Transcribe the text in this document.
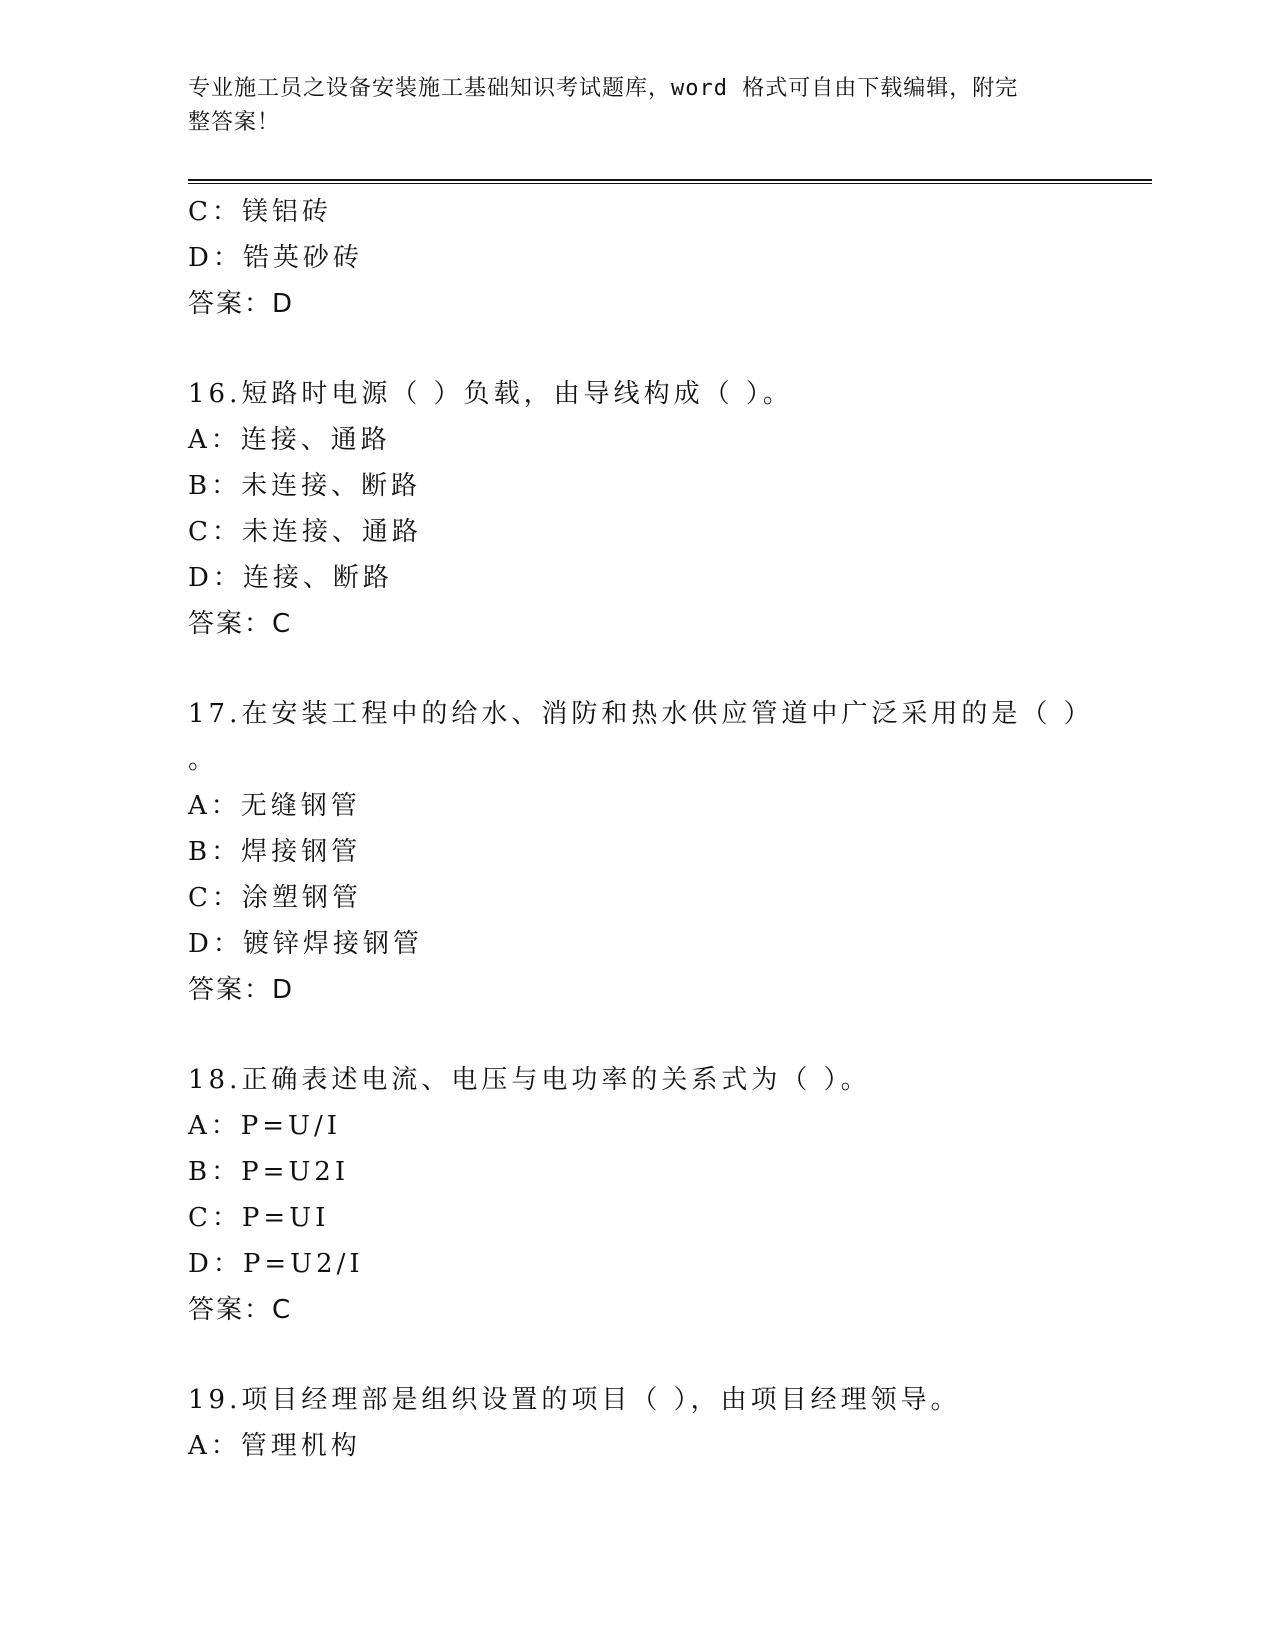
专业施工员之设备安装施工基础知识考试题库，word 格式可自由下载编辑，附完
整答案！
C：镁铝砖
D：锆英砂砖
答案：D
16.短路时电源（ ）负载，由导线构成（ ）。
A：连接、通路
B：未连接、断路
C：未连接、通路
D：连接、断路
答案：C
17.在安装工程中的给水、消防和热水供应管道中广泛采用的是（ ）
。
A：无缝钢管
B：焊接钢管
C：涂塑钢管
D：镀锌焊接钢管
答案：D
18.正确表述电流、电压与电功率的关系式为（ ）。
A：P=U/I
B：P=U2I
C：P=UI
D：P=U2/I
答案：C
19.项目经理部是组织设置的项目（ ），由项目经理领导。
A：管理机构
